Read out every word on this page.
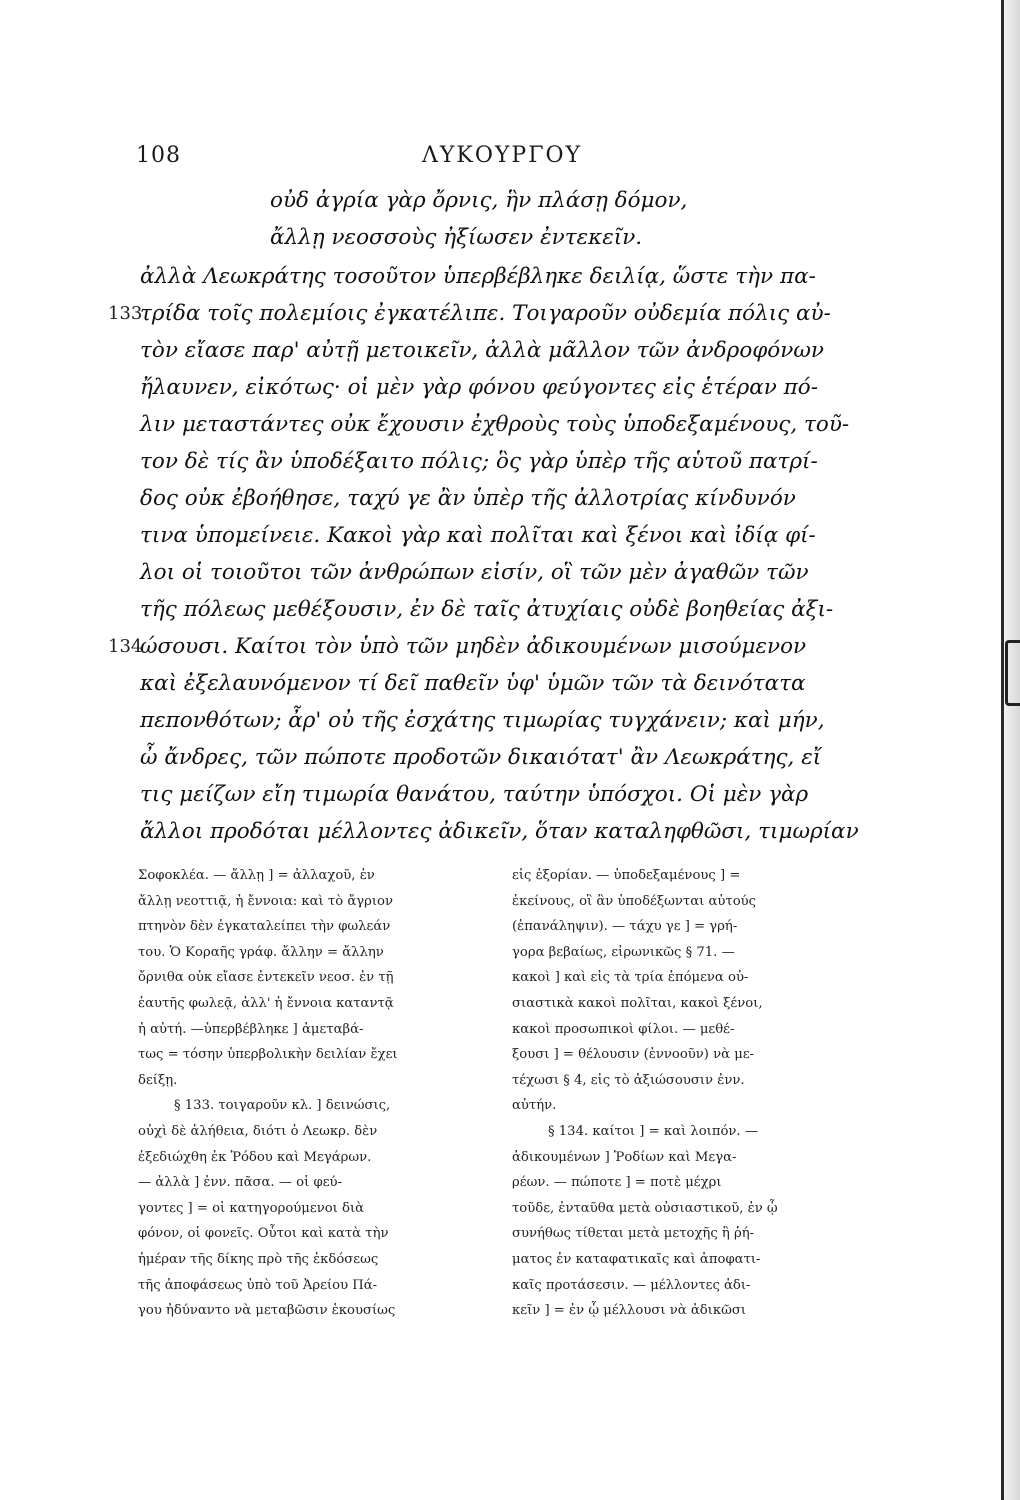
108	ΛΥΚΟΥΡΓΟΥ
οὐδ ἀγρία γὰρ ὄρνις, ἣν πλάσῃ δόμον,
ἄλλῃ νεοσσοὺς ἠξίωσεν ἐντεκεῖν.
ἀλλὰ Λεωκράτης τοσοῦτον ὑπερβέβληκε δειλίᾳ, ὥστε τὴν πα-
133
τρίδα τοῖς πολεμίοις ἐγκατέλιπε. Τοιγαροῦν οὐδεμία πόλις αὐ-
τὸν εἴασε παρ' αὐτῇ μετοικεῖν, ἀλλὰ μᾶλλον τῶν ἀνδροφόνων
ἤλαυνεν, εἰκότως· οἱ μὲν γὰρ φόνου φεύγοντες εἰς ἑτέραν πό-
λιν μεταστάντες οὐκ ἔχουσιν ἐχθροὺς τοὺς ὑποδεξαμένους, τοῦ-
τον δὲ τίς ἂν ὑποδέξαιτο πόλις; ὃς γὰρ ὑπὲρ τῆς αὑτοῦ πατρί-
δος οὐκ ἐβοήθησε, ταχύ γε ἂν ὑπὲρ τῆς ἀλλοτρίας κίνδυνόν
τινα ὑπομείνειε. Κακοὶ γὰρ καὶ πολῖται καὶ ξένοι καὶ ἰδίᾳ φί-
λοι οἱ τοιοῦτοι τῶν ἀνθρώπων εἰσίν, οἳ τῶν μὲν ἀγαθῶν τῶν
τῆς πόλεως μεθέξουσιν, ἐν δὲ ταῖς ἀτυχίαις οὐδὲ βοηθείας ἀξι-
134
ώσουσι. Καίτοι τὸν ὑπὸ τῶν μηδὲν ἀδικουμένων μισούμενον
καὶ ἐξελαυνόμενον τί δεῖ παθεῖν ὑφ' ὑμῶν τῶν τὰ δεινότατα
πεπονθότων; ἆρ' οὐ τῆς ἐσχάτης τιμωρίας τυγχάνειν; καὶ μήν,
ὦ ἄνδρες, τῶν πώποτε προδοτῶν δικαιότατ' ἂν Λεωκράτης, εἴ
τις μείζων εἴη τιμωρία θανάτου, ταύτην ὑπόσχοι. Οἱ μὲν γὰρ
ἄλλοι προδόται μέλλοντες ἀδικεῖν, ὅταν καταληφθῶσι, τιμωρίαν
Σοφοκλέα. — ἄλλῃ ] = ἀλλαχοῦ, ἐν
ἄλλῃ νεοττιᾷ, ἡ ἔννοια: καὶ τὸ ἄγριον
πτηνὸν δὲν ἐγκαταλείπει τὴν φωλεάν
του. Ὁ Κοραῆς γράφ. ἄλλην = ἄλλην
ὄρνιθα οὐκ εἴασε ἐντεκεῖν νεοσ. ἐν τῇ
ἑαυτῆς φωλεᾷ, ἀλλ' ἡ ἔννοια καταντᾷ
ἡ αὐτή. —ὑπερβέβληκε ] ἀμεταβά-
τως = τόσην ὑπερβολικὴν δειλίαν ἔχει
δείξῃ.
§ 133. τοιγαροῦν κλ. ] δεινώσις,
οὐχὶ δὲ ἀλήθεια, διότι ὁ Λεωκρ. δὲν
ἐξεδιώχθη ἐκ Ῥόδου καὶ Μεγάρων.
— ἀλλὰ ] ἐνν. πᾶσα. — οἱ φεύ-
γοντες ] = οἱ κατηγορούμενοι διὰ
φόνον, οἱ φονεῖς. Οὗτοι καὶ κατὰ τὴν
ἡμέραν τῆς δίκης πρὸ τῆς ἐκδόσεως
τῆς ἀποφάσεως ὑπὸ τοῦ Ἀρείου Πά-
γου ἠδύναντο νὰ μεταβῶσιν ἑκουσίως
εἰς ἐξορίαν. — ὑποδεξαμένους ] =
ἐκείνους, οἳ ἂν ὑποδέξωνται αὐτούς
(ἐπανάληψιν). — τάχυ γε ] = γρή-
γορα βεβαίως, εἰρωνικῶς § 71. —
κακοὶ ] καὶ εἰς τὰ τρία ἑπόμενα οὐ-
σιαστικὰ κακοὶ πολῖται, κακοὶ ξένοι,
κακοὶ προσωπικοὶ φίλοι. — μεθέ-
ξουσι ] = θέλουσιν (ἐννοοῦν) νὰ με-
τέχωσι § 4, εἰς τὸ ἀξιώσουσιν ἐνν.
αὐτήν.
§ 134. καίτοι ] = καὶ λοιπόν. —
ἀδικουμένων ] Ῥοδίων καὶ Μεγα-
ρέων. — πώποτε ] = ποτὲ μέχρι
τοῦδε, ἐνταῦθα μετὰ οὐσιαστικοῦ, ἐν ᾧ
συνήθως τίθεται μετὰ μετοχῆς ἢ ῥή-
ματος ἐν καταφατικαῖς καὶ ἀποφατι-
καῖς προτάσεσιν. — μέλλοντες ἀδι-
κεῖν ] = ἐν ᾧ μέλλουσι νὰ ἀδικῶσι
